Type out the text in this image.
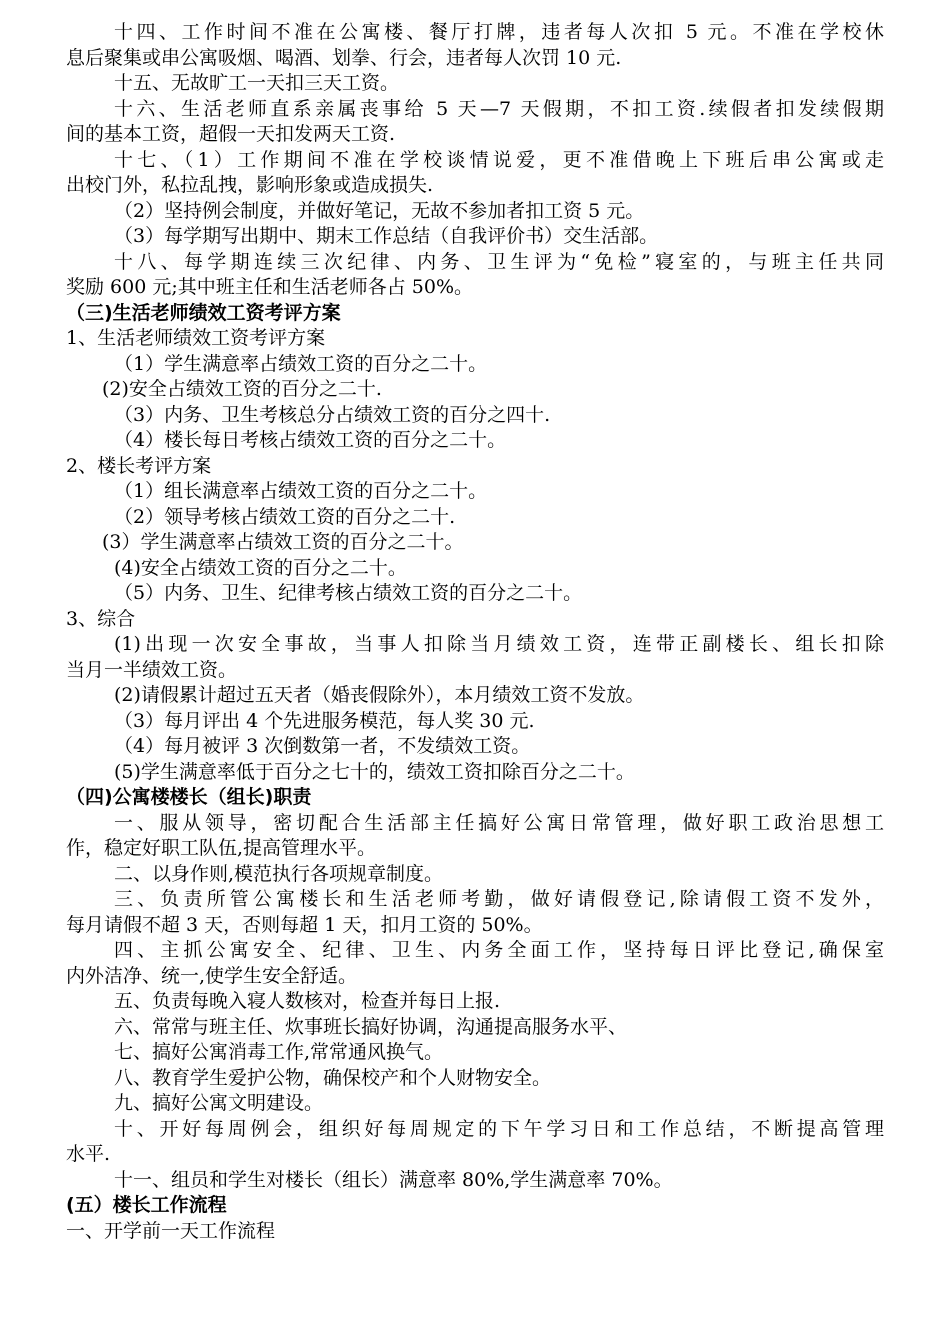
十四、工作时间不准在公寓楼、餐厅打牌，违者每人次扣 5 元。不准在学校休
息后聚集或串公寓吸烟、喝酒、划拳、行会，违者每人次罚 10 元.
十五、无故旷工一天扣三天工资。
十六、生活老师直系亲属丧事给 5 天—7 天假期，不扣工资.续假者扣发续假期
间的基本工资，超假一天扣发两天工资.
十七、（1）工作期间不准在学校谈情说爱，更不准借晚上下班后串公寓或走
出校门外，私拉乱拽，影响形象或造成损失.
（2）坚持例会制度，并做好笔记，无故不参加者扣工资 5 元。
（3）每学期写出期中、期末工作总结（自我评价书）交生活部。
十八、每学期连续三次纪律、内务、卫生评为“免检”寝室的，与班主任共同
奖励 600 元;其中班主任和生活老师各占 50%。
（三)生活老师绩效工资考评方案
1、生活老师绩效工资考评方案
（1）学生满意率占绩效工资的百分之二十。
(2)安全占绩效工资的百分之二十.
（3）内务、卫生考核总分占绩效工资的百分之四十.
（4）楼长每日考核占绩效工资的百分之二十。
2、楼长考评方案
（1）组长满意率占绩效工资的百分之二十。
（2）领导考核占绩效工资的百分之二十.
(3）学生满意率占绩效工资的百分之二十。
(4)安全占绩效工资的百分之二十。
（5）内务、卫生、纪律考核占绩效工资的百分之二十。
3、综合
(1)出现一次安全事故，当事人扣除当月绩效工资，连带正副楼长、组长扣除
当月一半绩效工资。
(2)请假累计超过五天者（婚丧假除外），本月绩效工资不发放。
（3）每月评出 4 个先进服务模范，每人奖 30 元.
（4）每月被评 3 次倒数第一者，不发绩效工资。
(5)学生满意率低于百分之七十的，绩效工资扣除百分之二十。
（四)公寓楼楼长（组长)职责
一、服从领导，密切配合生活部主任搞好公寓日常管理，做好职工政治思想工
作，稳定好职工队伍,提高管理水平。
二、以身作则,模范执行各项规章制度。
三、负责所管公寓楼长和生活老师考勤，做好请假登记,除请假工资不发外，
每月请假不超 3 天，否则每超 1 天，扣月工资的 50%。
四、主抓公寓安全、纪律、卫生、内务全面工作，坚持每日评比登记,确保室
内外洁净、统一,使学生安全舒适。
五、负责每晚入寝人数核对，检查并每日上报.
六、常常与班主任、炊事班长搞好协调，沟通提高服务水平、
七、搞好公寓消毒工作,常常通风换气。
八、教育学生爱护公物，确保校产和个人财物安全。
九、搞好公寓文明建设。
十、开好每周例会，组织好每周规定的下午学习日和工作总结，不断提高管理
水平.
十一、组员和学生对楼长（组长）满意率 80%,学生满意率 70%。
(五）楼长工作流程
一、开学前一天工作流程
